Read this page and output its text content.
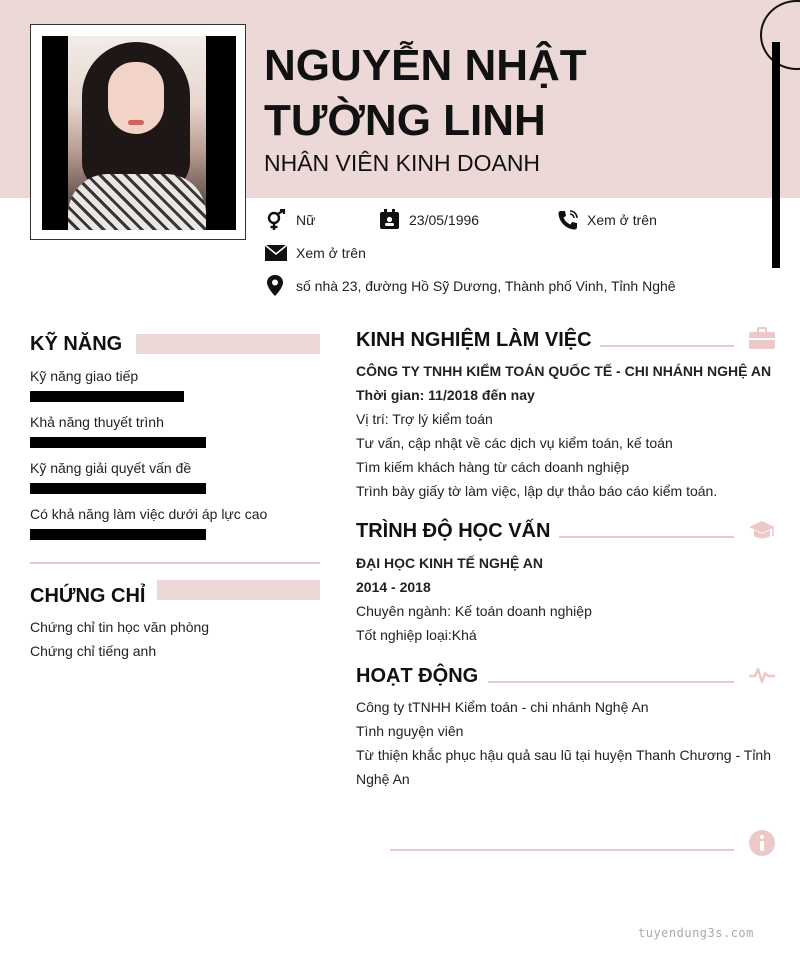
NGUYỄN NHẬT TƯỜNG LINH
NHÂN VIÊN KINH DOANH
Nữ	23/05/1996	Xem ở trên
Xem ở trên
số nhà 23, đường Hồ Sỹ Dương, Thành phố Vinh, Tỉnh Nghê
KỸ NĂNG
Kỹ năng giao tiếp
Khả năng thuyết trình
Kỹ năng giải quyết vấn đề
Có khả năng làm việc dưới áp lực cao
CHỨNG CHỈ
Chứng chỉ tin học văn phòng
Chứng chỉ tiếng anh
KINH NGHIỆM LÀM VIỆC
CÔNG TY TNHH KIỂM TOÁN QUỐC TẾ - CHI NHÁNH NGHỆ AN
Thời gian: 11/2018 đến nay
Vị trí: Trợ lý kiểm toán
Tư vấn, cập nhật về các dịch vụ kiểm toán, kế toán
Tìm kiếm khách hàng từ cách doanh nghiệp
Trình bày giấy tờ làm việc, lập dự thảo báo cáo kiểm toán.
TRÌNH ĐỘ HỌC VẤN
ĐẠI HỌC KINH TẾ NGHỆ AN
2014 - 2018
Chuyên ngành: Kế toán doanh nghiệp
Tốt nghiệp loại:Khá
HOẠT ĐỘNG
Công ty tTNHH Kiểm toán - chi nhánh Nghệ An
Tình nguyện viên
Từ thiện khắc phục hậu quả sau lũ tại huyện Thanh Chương - Tỉnh
Nghệ An
tuyendung3s.com
